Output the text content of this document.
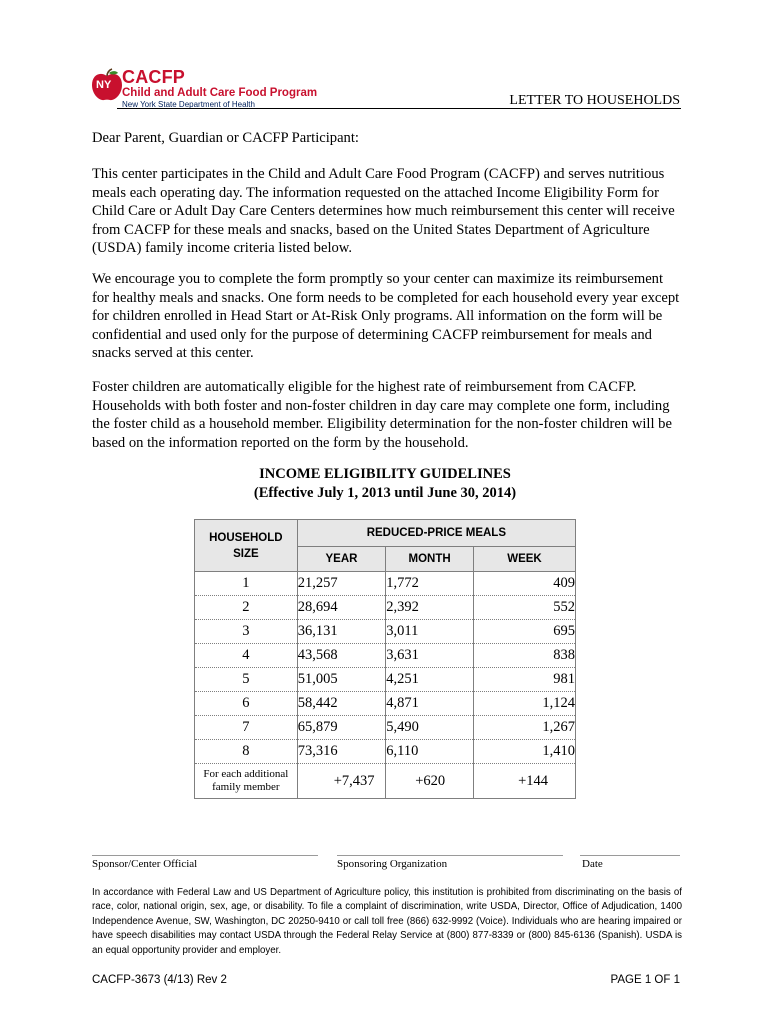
NY CACFP
Child and Adult Care Food Program
New York State Department of Health	LETTER TO HOUSEHOLDS

Dear Parent, Guardian or CACFP Participant:

This center participates in the Child and Adult Care Food Program (CACFP) and serves nutritious meals each operating day. The information requested on the attached Income Eligibility Form for Child Care or Adult Day Care Centers determines how much reimbursement this center will receive from CACFP for these meals and snacks, based on the United States Department of Agriculture (USDA) family income criteria listed below.

We encourage you to complete the form promptly so your center can maximize its reimbursement for healthy meals and snacks. One form needs to be completed for each household every year except for children enrolled in Head Start or At-Risk Only programs. All information on the form will be confidential and used only for the purpose of determining CACFP reimbursement for meals and snacks served at this center.

Foster children are automatically eligible for the highest rate of reimbursement from CACFP. Households with both foster and non-foster children in day care may complete one form, including the foster child as a household member. Eligibility determination for the non-foster children will be based on the information reported on the form by the household.

INCOME ELIGIBILITY GUIDELINES
(Effective July 1, 2013 until June 30, 2014)
HOUSEHOLD SIZE	REDUCED-PRICE MEALS		
	YEAR	MONTH	WEEK
1	21,257	1,772	409
2	28,694	2,392	552
3	36,131	3,011	695
4	43,568	3,631	838
5	51,005	4,251	981
6	58,442	4,871	1,124
7	65,879	5,490	1,267
8	73,316	6,110	1,410
For each additional family member	+7,437	+620	+144
Sponsor/Center Official	Sponsoring Organization	Date

In accordance with Federal Law and US Department of Agriculture policy, this institution is prohibited from discriminating on the basis of race, color, national origin, sex, age, or disability. To file a complaint of discrimination, write USDA, Director, Office of Adjudication, 1400 Independence Avenue, SW, Washington, DC 20250-9410 or call toll free (866) 632-9992 (Voice). Individuals who are hearing impaired or have speech disabilities may contact USDA through the Federal Relay Service at (800) 877-8339 or (800) 845-6136 (Spanish). USDA is an equal opportunity provider and employer.

CACFP-3673 (4/13) Rev 2	PAGE 1 OF 1
